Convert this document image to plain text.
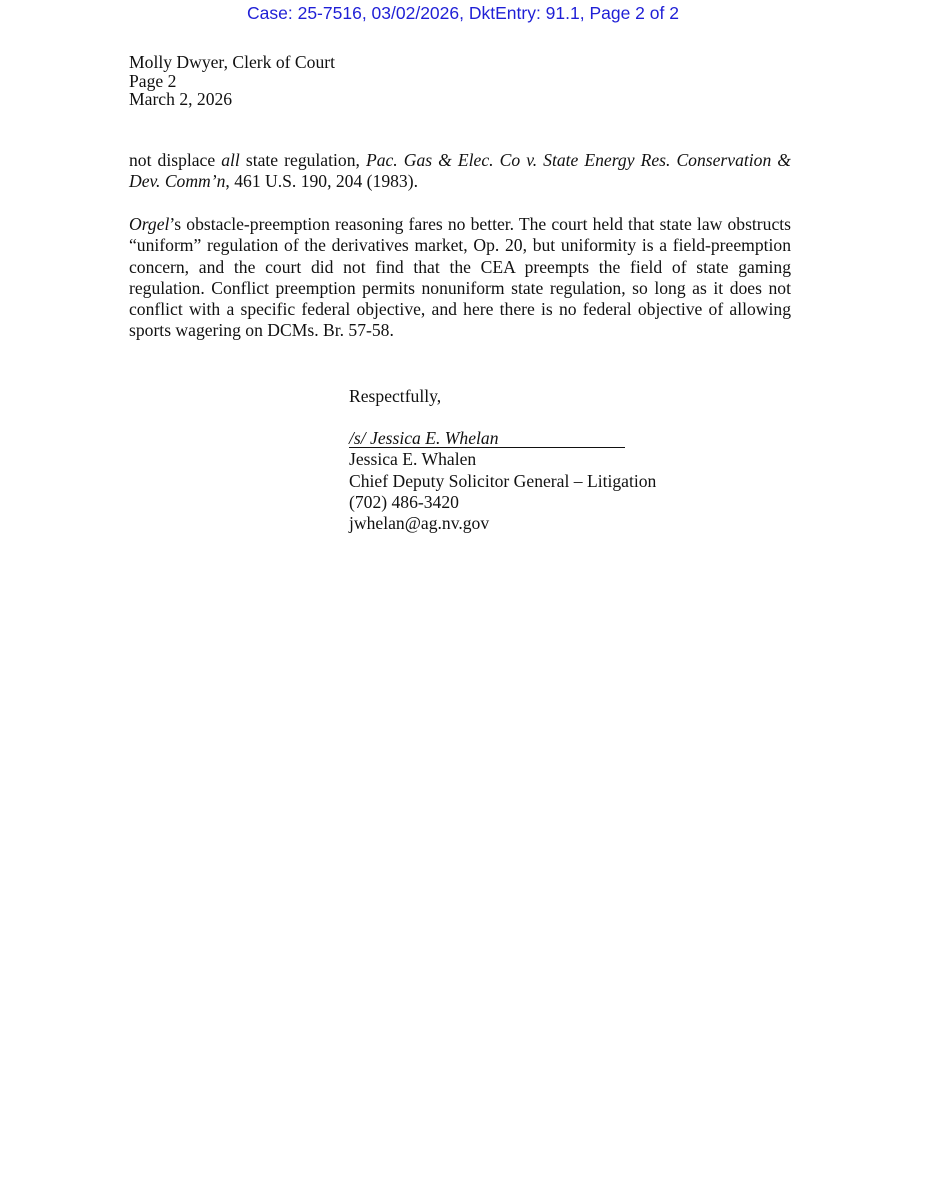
Case: 25-7516, 03/02/2026, DktEntry: 91.1, Page 2 of 2
Molly Dwyer, Clerk of Court
Page 2
March 2, 2026

not displace all state regulation, Pac. Gas & Elec. Co v. State Energy Res. Conservation & Dev. Comm’n, 461 U.S. 190, 204 (1983).

Orgel’s obstacle-preemption reasoning fares no better. The court held that state law obstructs “uniform” regulation of the derivatives market, Op. 20, but uniformity is a field-preemption concern, and the court did not find that the CEA preempts the field of state gaming regulation. Conflict preemption permits nonuniform state regulation, so long as it does not conflict with a specific federal objective, and here there is no federal objective of allowing sports wagering on DCMs. Br. 57-58.

Respectfully,
/s/ Jessica E. Whelan
Jessica E. Whalen
Chief Deputy Solicitor General – Litigation
(702) 486-3420
jwhelan@ag.nv.gov
